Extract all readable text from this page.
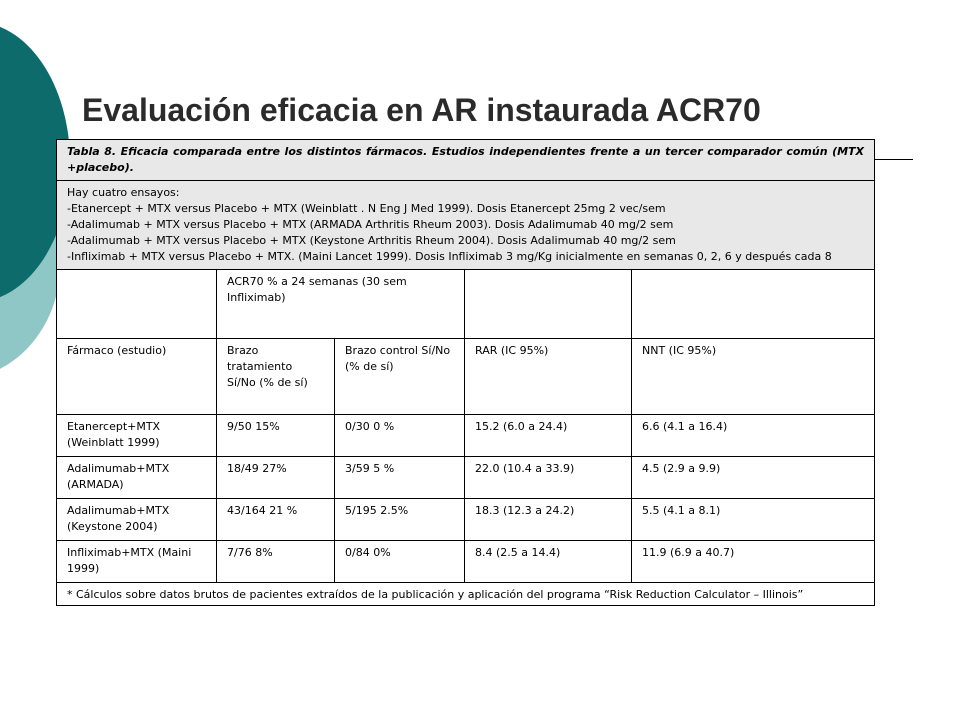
Evaluación eficacia en AR instaurada ACR70
Tabla 8. Eficacia comparada entre los distintos fármacos. Estudios independientes frente a un tercer comparador común (MTX +placebo).				

Hay cuatro ensayos:
-Etanercept + MTX versus Placebo + MTX (Weinblatt . N Eng J Med 1999). Dosis Etanercept 25mg 2 vec/sem
-Adalimumab + MTX versus Placebo + MTX (ARMADA Arthritis Rheum 2003). Dosis Adalimumab 40 mg/2 sem
-Adalimumab + MTX versus Placebo + MTX (Keystone Arthritis Rheum 2004). Dosis Adalimumab 40 mg/2 sem
-Infliximab + MTX versus Placebo + MTX. (Maini Lancet 1999). Dosis Infliximab 3 mg/Kg inicialmente en semanas 0, 2, 6 y después cada 8				

	ACR70 % a 24 semanas (30 sem Infliximab)			
Fármaco (estudio)	Brazo tratamiento Sí/No (% de sí)	Brazo control Sí/No (% de sí)	RAR (IC 95%)	NNT (IC 95%)
Etanercept+MTX (Weinblatt 1999)	9/50 15%	0/30 0 %	15.2 (6.0 a 24.4)	6.6 (4.1 a 16.4)
Adalimumab+MTX (ARMADA)	18/49 27%	3/59 5 %	22.0 (10.4 a 33.9)	4.5 (2.9 a 9.9)
Adalimumab+MTX (Keystone 2004)	43/164 21 %	5/195 2.5%	18.3 (12.3 a 24.2)	5.5 (4.1 a 8.1)
Infliximab+MTX (Maini 1999)	7/76 8%	0/84 0%	8.4 (2.5 a 14.4)	11.9 (6.9 a 40.7)
* Cálculos sobre datos brutos de pacientes extraídos de la publicación y aplicación del programa “Risk Reduction Calculator – Illinois”				
